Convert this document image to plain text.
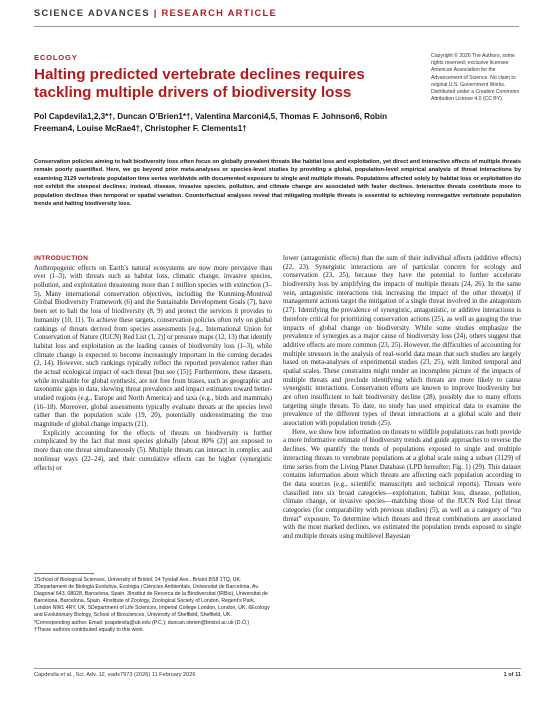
SCIENCE ADVANCES | RESEARCH ARTICLE
ECOLOGY
Halting predicted vertebrate declines requires tackling multiple drivers of biodiversity loss
Pol Capdevila1,2,3*†, Duncan O’Brien1*†, Valentina Marconi4,5, Thomas F. Johnson6, Robin Freeman4, Louise McRae4†, Christopher F. Clements1†
Copyright © 2026 The Authors, some rights reserved; exclusive licensee American Association for the Advancement of Science. No claim to original U.S. Government Works. Distributed under a Creative Commons Attribution License 4.0 (CC BY).
Conservation policies aiming to halt biodiversity loss often focus on globally prevalent threats like habitat loss and exploitation, yet direct and interactive effects of multiple threats remain poorly quantified. Here, we go beyond prior meta-analyses or species-level studies by providing a global, population-level empirical analysis of threat interactions by examining 3129 vertebrate population time series worldwide with documented exposure to single and multiple threats. Populations affected solely by habitat loss or exploitation do not exhibit the steepest declines; instead, disease, invasive species, pollution, and climate change are associated with faster declines. Interactive threats contribute more to population declines than temporal or spatial variation. Counterfactual analyses reveal that mitigating multiple threats is essential to achieving nonnegative vertebrate population trends and halting biodiversity loss.
INTRODUCTION

Anthropogenic effects on Earth’s natural ecosystems are now more pervasive than ever (1–3), with threats such as habitat loss, climatic change, invasive species, pollution, and exploitation threatening more than 1 million species with extinction (3–5). Many international conservation objectives, including the Kunming-Montreal Global Biodiversity Framework (6) and the Sustainable Development Goals (7), have been set to halt the loss of biodiversity (8, 9) and protect the services it provides to humanity (10, 11). To achieve these targets, conservation policies often rely on global rankings of threats derived from species assessments [e.g., International Union for Conservation of Nature (IUCN) Red List (1, 2)] or pressure maps (12, 13) that identify habitat loss and exploitation as the leading causes of biodiversity loss (1–3), while climate change is expected to become increasingly important in the coming decades (2, 14). However, such rankings typically reflect the reported prevalence rather than the actual ecological impact of each threat [but see (15)]. Furthermore, these datasets, while invaluable for global synthesis, are not free from biases, such as geographic and taxonomic gaps in data, skewing threat prevalence and impact estimates toward better-studied regions (e.g., Europe and North America) and taxa (e.g., birds and mammals) (16–18). Moreover, global assessments typically evaluate threats at the species level rather than the population scale (19, 20), potentially underestimating the true magnitude of global change impacts (21).

Explicitly accounting for the effects of threats on biodiversity is further complicated by the fact that most species globally [about 80% (2)] are exposed to more than one threat simultaneously (5). Multiple threats can interact in complex and nonlinear ways (22–24), and their cumulative effects can be higher (synergistic effects) or

lower (antagonistic effects) than the sum of their individual effects (additive effects) (22, 23). Synergistic interactions are of particular concern for ecology and conservation (23, 25), because they have the potential to further accelerate biodiversity loss by amplifying the impacts of multiple threats (24, 26). In the same vein, antagonistic interactions risk increasing the impact of the other threat(s) if management actions target the mitigation of a single threat involved in the antagonism (27). Identifying the prevalence of synergistic, antagonistic, or additive interactions is therefore critical for prioritizing conservation actions (25), as well as gauging the true impacts of global change on biodiversity. While some studies emphasize the prevalence of synergies as a major cause of biodiversity loss (24), others suggest that additive effects are more common (23, 25). However, the difficulties of accounting for multiple stressors in the analysis of real-world data mean that such studies are largely based on meta-analyses of experimental studies (23, 25), with limited temporal and spatial scales. These constraints might render an incomplete picture of the impacts of multiple threats and preclude identifying which threats are more likely to cause synergistic interactions. Conservation efforts are known to improve biodiversity but are often insufficient to halt biodiversity decline (28), possibly due to many efforts targeting single threats. To date, no study has used empirical data to examine the prevalence of the different types of threat interactions at a global scale and their association with population trends (25).

Here, we show how information on threats to wildlife populations can both provide a more informative estimate of biodiversity trends and guide approaches to reverse the declines. We quantify the trends of populations exposed to single and multiple interacting threats to vertebrate populations at a global scale using a subset (3129) of time series from the Living Planet Database (LPD hereafter; Fig. 1) (29). This dataset contains information about which threats are affecting each population according to the data sources (e.g., scientific manuscripts and technical reports). Threats were classified into six broad categories—exploitation, habitat loss, disease, pollution, climate change, or invasive species—matching those of the IUCN Red List threat categories (for comparability with previous studies) (5), as well as a category of “no threat” exposure. To determine which threats and threat combinations are associated with the most marked declines, we estimated the population trends exposed to single and multiple threats using multilevel Bayesian

1School of Biological Sciences, University of Bristol, 24 Tyndall Ave., Bristol BS8 1TQ, UK. 2Departament de Biologia Evolutiva, Ecologia i Ciències Ambientals, Universitat de Barcelona, Av. Diagonal 643, 08028, Barcelona, Spain. 3Institut de Recerca de la Biodiversitat (IRBio), Universitat de Barcelona, Barcelona, Spain. 4Institute of Zoology, Zoological Society of London, Regent’s Park, London NW1 4RY, UK. 5Department of Life Sciences, Imperial College London, London, UK. 6Ecology and Evolutionary Biology, School of Biosciences, University of Sheffield, Sheffield, UK.

*Corresponding author. Email: pcapdevila@ub.edu (P.C.); duncan.obrien@bristol.ac.uk (D.O.)

†These authors contributed equally to this work.

Capdevila et al., Sci. Adv. 12, eadx7973 (2026) 11 February 2026	1 of 11
